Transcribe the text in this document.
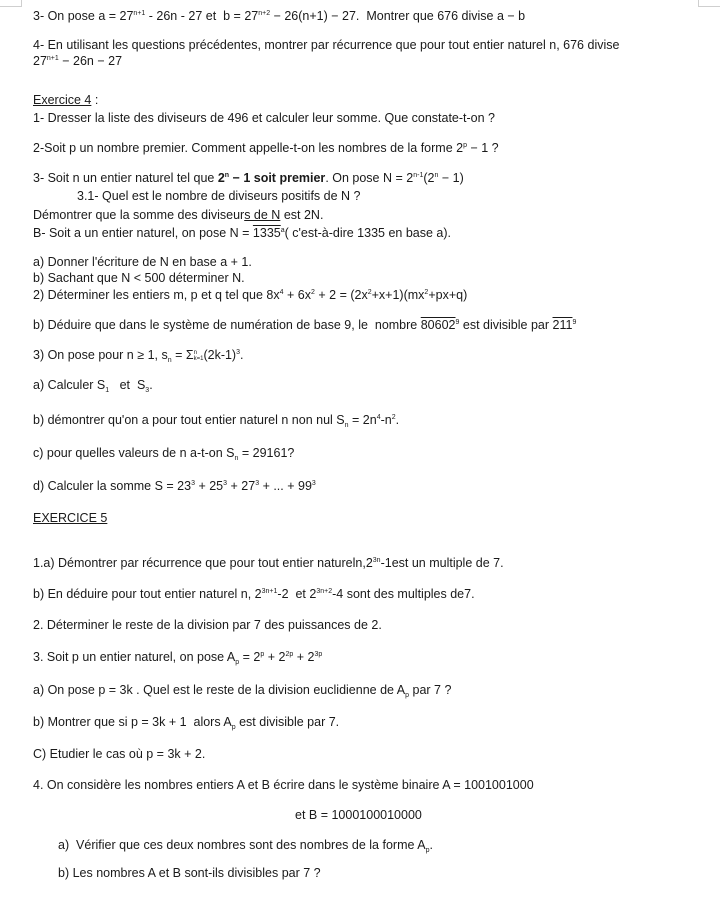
3- On pose $a = 27^{n+1} - 26n - 27$ et  $b = 27^{n+2} - 26(n+1) - 27$.  Montrer que 676 divise a − b
4- En utilisant les questions précédentes, montrer par récurrence que pour tout entier naturel n, 676 divise
$27^{n+1} - 26n - 27$
Exercice 4 :
1- Dresser la liste des diviseurs de 496 et calculer leur somme. Que constate-t-on ?
2-Soit p un nombre premier. Comment appelle-t-on les nombres de la forme $2^p - 1$ ?
3- Soit n un entier naturel tel que $2^n - 1$ soit premier. On pose $N = 2^{n-1}(2^n - 1)$
3.1- Quel est le nombre de diviseurs positifs de N ?
Démontrer que la somme des diviseurs de N est 2N.
B- Soit a un entier naturel, on pose $N = 1335^a$( c'est-à-dire 1335 en base a).
a) Donner l'écriture de N en base a + 1.
b) Sachant que N < 500 déterminer N.
2) Déterminer les entiers m, p et q tel que $8x^4 + 6x^2 + 2 = (2x^2+x+1)(mx^2+px+q)$
b) Déduire que dans le système de numération de base 9, le  nombre 80602$^9$ est divisible par $211^9$
3) On pose pour n ≥ 1, $s_n = \Sigma$ n
k=1 $(2k-1)^3$.
a) Calculer $S_1$   et  $S_3$.
b) démontrer qu'on a pour tout entier naturel n non nul $S_n = 2n^4-n^2$.
c) pour quelles valeurs de n a-t-on $S_n = 29161$?
d) Calculer la somme $S = 23^3 + 25^3 + 27^3$ + ... + $99^3$
EXERCICE 5
1.a) Démontrer par récurrence que pour tout entier $natureln,2^{3n}-1est$ un multiple de 7.
b) En déduire pour tout entier naturel n, $2^{3n+1}-2$  et $2^{3n+2}-4$ sont des multiples de7.
2. Déterminer le reste de la division par 7 des puissances de 2.
3. Soit p un entier naturel, on pose $A_p = 2^p + 2^{2p} + 2^{3p}$
a) On pose p = 3k . Quel est le reste de la division euclidienne de $A_p$ par 7 ?
b) Montrer que si p = 3k + 1  alors $A_p$ est divisible par 7.
C) Etudier le cas où p = 3k + 2.
4. On considère les nombres entiers A et B écrire dans le système binaire A = 1001001000
et B = 1000100010000
a)  Vérifier que ces deux nombres sont des nombres de la forme $A_p$.
b) Les nombres A et B sont-ils divisibles par 7 ?
